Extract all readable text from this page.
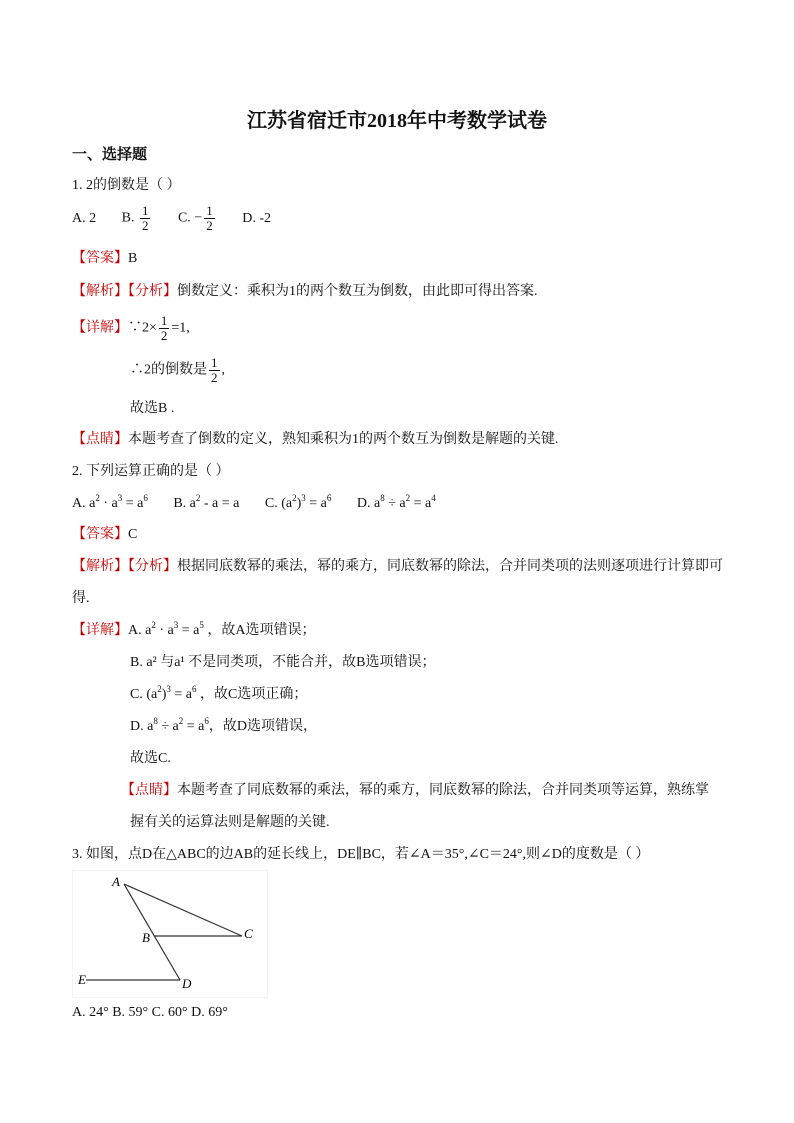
江苏省宿迁市2018年中考数学试卷
一、选择题
1. 2的倒数是（ ）
A. 2 B. $\frac{1}{2} C$. − $\frac{1}{2} D$. -2
【答案】B
【解析】【分析】倒数定义：乘积为1的两个数互为倒数，由此即可得出答案.
【详解】∵2× $\frac{1}{2} =1$,
∴2的倒数是 $\frac{1}{2}$ ,
故选B .
【点睛】本题考查了倒数的定义，熟知乘积为1的两个数互为倒数是解题的关键.
2. 下列运算正确的是（ ）
A. $a^2 \cdot a^3 = a^6$ B. $a^2 - a = a$ C. $(a^2)^3 = a^6$ D. $a^8 \div a^2 = a^4$
【答案】C
【解析】【分析】根据同底数幂的乘法，幂的乘方，同底数幂的除法，合并同类项的法则逐项进行计算即可
得.
【详解】A. $a^2 \cdot a^3 = a^5$ ，故A选项错误；
B. a² 与a¹ 不是同类项，不能合并，故B选项错误；
C. $(a^2)^3 = a^6$ ，故C选项正确；
D. $a^8 \div a^2 = a^6$，故D选项错误，
故选C.
【点睛】本题考查了同底数幂的乘法，幂的乘方，同底数幂的除法，合并同类项等运算，熟练掌
握有关的运算法则是解题的关键.
3. 如图，点D在△ABC的边AB的延长线上，DE∥BC，若∠A＝35°,∠C＝24°,则∠D的度数是（ ）
A
B	C
D
E
A. 24° B. 59° C. 60° D. 69°
